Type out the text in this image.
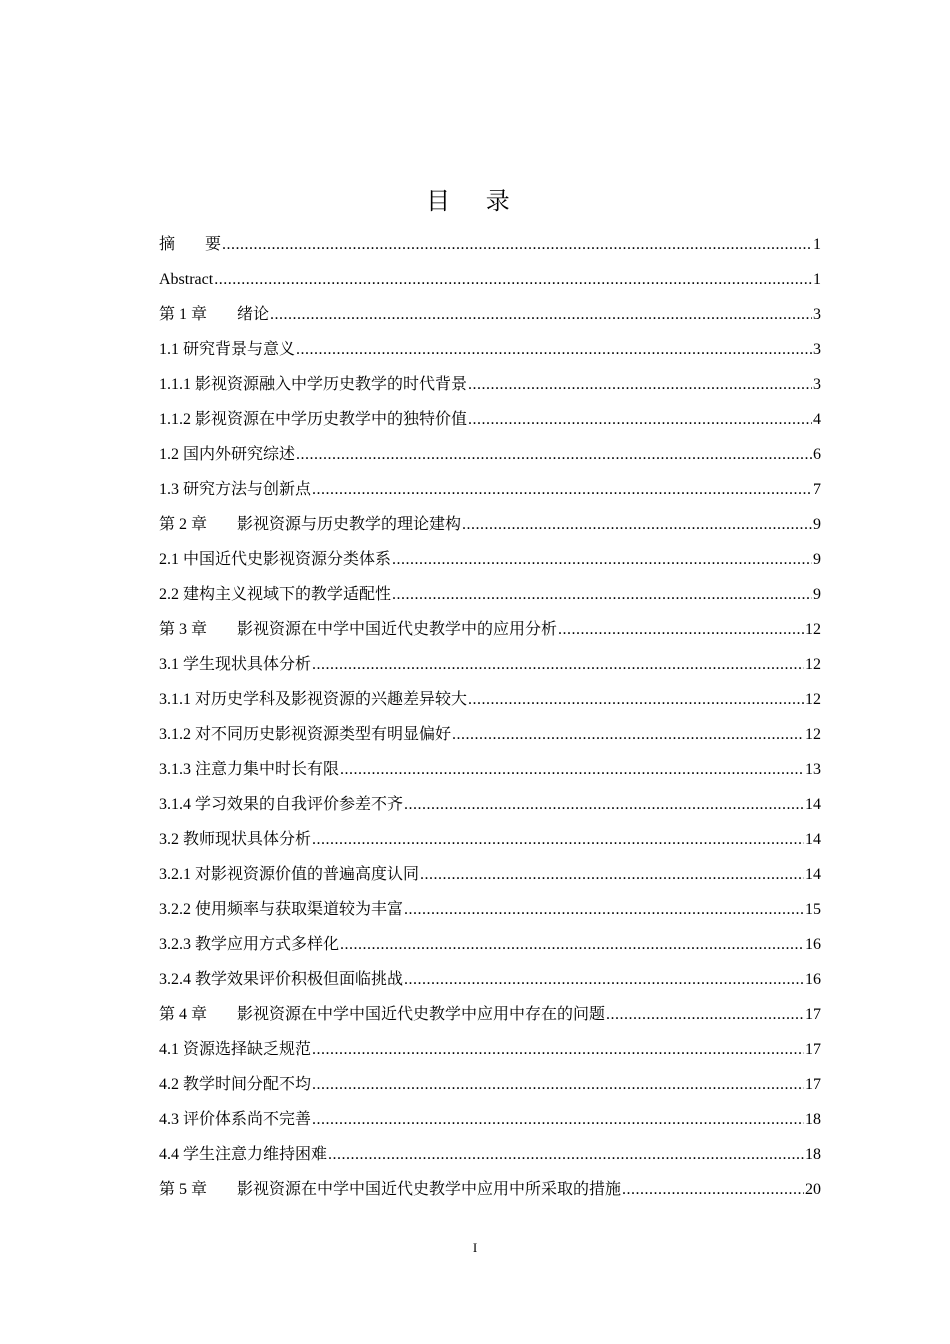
目 录
摘 要 .....	1
Abstract .....	1
第 1 章 绪论 .....	3
1.1 研究背景与意义 .....	3
1.1.1 影视资源融入中学历史教学的时代背景 .....	3
1.1.2 影视资源在中学历史教学中的独特价值 .....	4
1.2 国内外研究综述 .....	6
1.3 研究方法与创新点 .....	7
第 2 章 影视资源与历史教学的理论建构 .....	9
2.1 中国近代史影视资源分类体系 .....	9
2.2 建构主义视域下的教学适配性 .....	9
第 3 章 影视资源在中学中国近代史教学中的应用分析 .....	12
3.1 学生现状具体分析 .....	12
3.1.1 对历史学科及影视资源的兴趣差异较大 .....	12
3.1.2 对不同历史影视资源类型有明显偏好 .....	12
3.1.3 注意力集中时长有限 .....	13
3.1.4 学习效果的自我评价参差不齐 .....	14
3.2 教师现状具体分析 .....	14
3.2.1 对影视资源价值的普遍高度认同 .....	14
3.2.2 使用频率与获取渠道较为丰富 .....	15
3.2.3 教学应用方式多样化 .....	16
3.2.4 教学效果评价积极但面临挑战 .....	16
第 4 章 影视资源在中学中国近代史教学中应用中存在的问题 .....	17
4.1 资源选择缺乏规范 .....	17
4.2 教学时间分配不均 .....	17
4.3 评价体系尚不完善 .....	18
4.4 学生注意力维持困难 .....	18
第 5 章 影视资源在中学中国近代史教学中应用中所采取的措施 .....	20
I
